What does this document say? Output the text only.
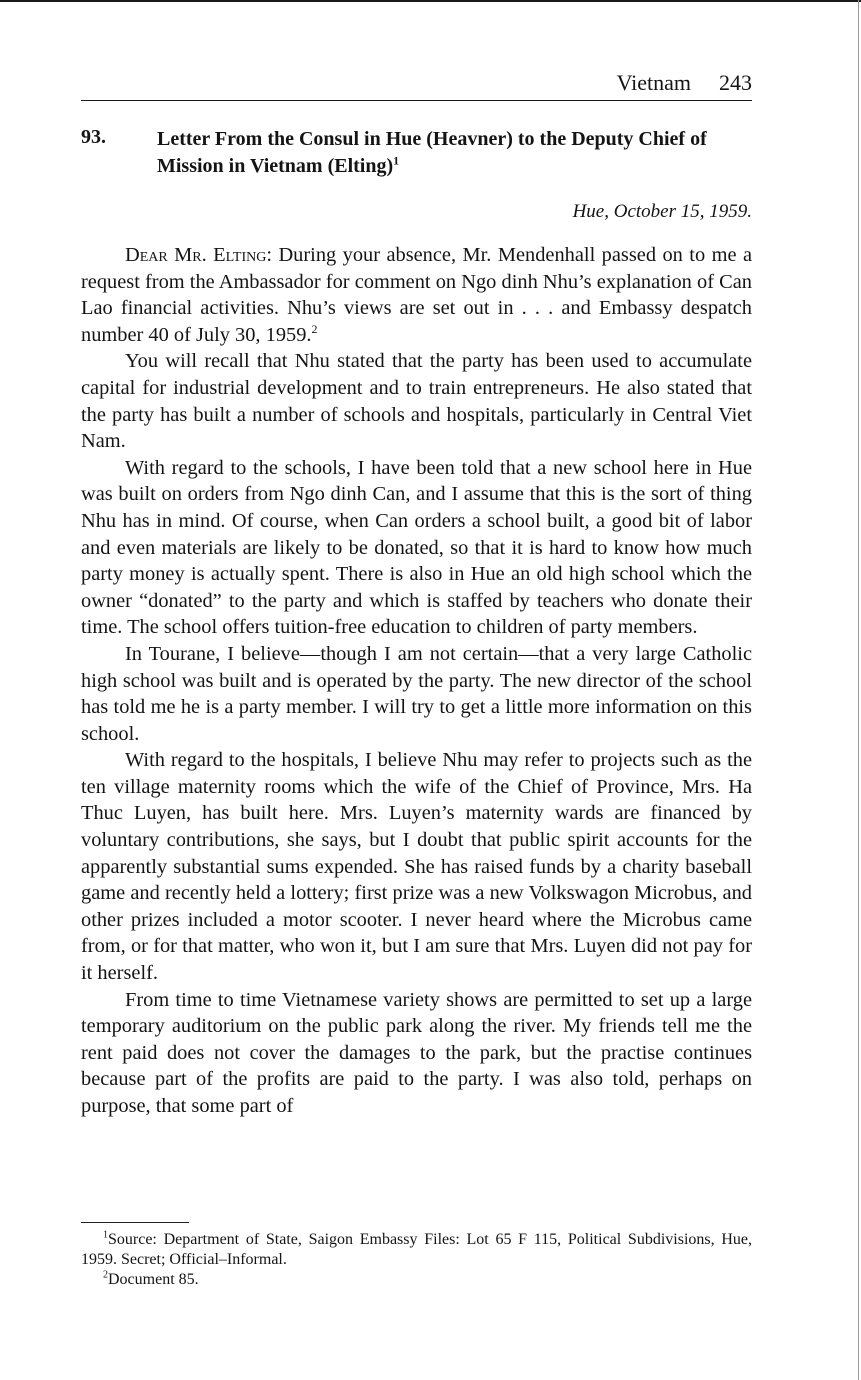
Vietnam 243
93.	Letter From the Consul in Hue (Heavner) to the Deputy Chief of Mission in Vietnam (Elting)$^1$
Hue, October 15, 1959.

Dear Mr. Elting: During your absence, Mr. Mendenhall passed on to me a request from the Ambassador for comment on Ngo dinh Nhu’s explanation of Can Lao financial activities. Nhu’s views are set out in . . . and Embassy despatch number 40 of July 30, 1959.$^2$

You will recall that Nhu stated that the party has been used to accumulate capital for industrial development and to train entrepreneurs. He also stated that the party has built a number of schools and hospitals, particularly in Central Viet Nam.

With regard to the schools, I have been told that a new school here in Hue was built on orders from Ngo dinh Can, and I assume that this is the sort of thing Nhu has in mind. Of course, when Can orders a school built, a good bit of labor and even materials are likely to be donated, so that it is hard to know how much party money is actually spent. There is also in Hue an old high school which the owner “donated” to the party and which is staffed by teachers who donate their time. The school offers tuition-free education to children of party members.

In Tourane, I believe—though I am not certain—that a very large Catholic high school was built and is operated by the party. The new director of the school has told me he is a party member. I will try to get a little more information on this school.

With regard to the hospitals, I believe Nhu may refer to projects such as the ten village maternity rooms which the wife of the Chief of Province, Mrs. Ha Thuc Luyen, has built here. Mrs. Luyen’s maternity wards are financed by voluntary contributions, she says, but I doubt that public spirit accounts for the apparently substantial sums expended. She has raised funds by a charity baseball game and recently held a lottery; first prize was a new Volkswagon Microbus, and other prizes included a motor scooter. I never heard where the Microbus came from, or for that matter, who won it, but I am sure that Mrs. Luyen did not pay for it herself.

From time to time Vietnamese variety shows are permitted to set up a large temporary auditorium on the public park along the river. My friends tell me the rent paid does not cover the damages to the park, but the practise continues because part of the profits are paid to the party. I was also told, perhaps on purpose, that some part of

$^1$Source: Department of State, Saigon Embassy Files: Lot 65 F 115, Political Subdivisions, Hue, 1959. Secret; Official–Informal.

$^2$Document 85.
